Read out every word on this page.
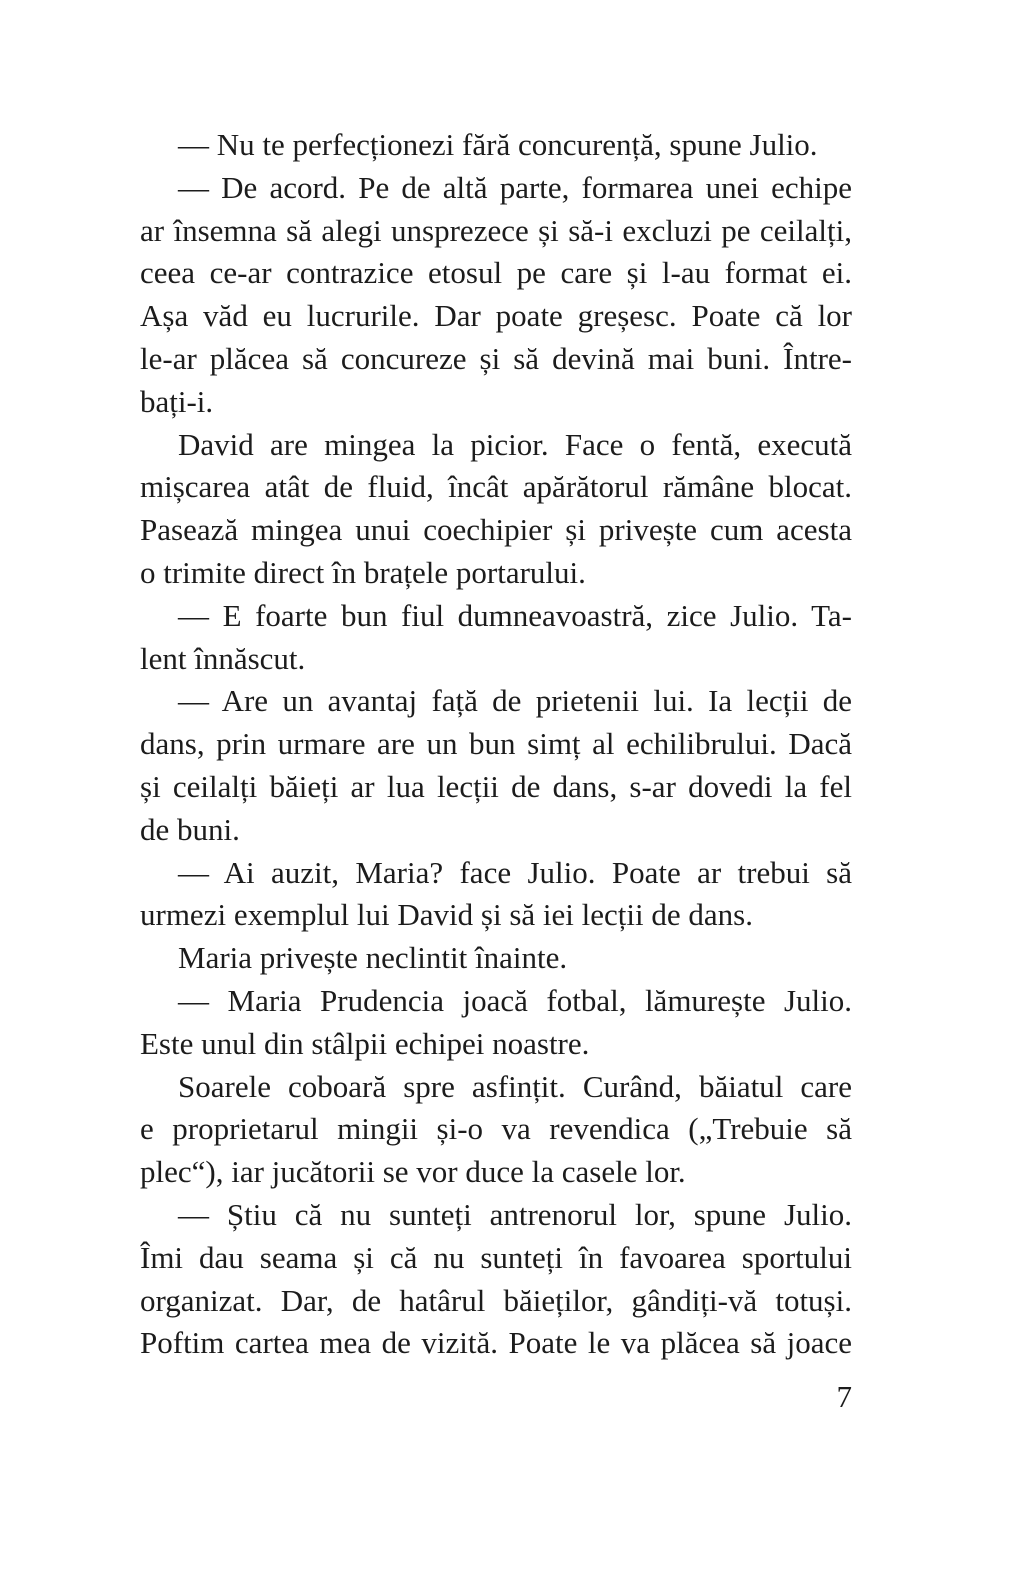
— Nu te perfecționezi fără concurență, spune Julio.
— De acord. Pe de altă parte, formarea unei echipe
ar însemna să alegi unsprezece și să-i excluzi pe ceilalți,
ceea ce-ar contrazice etosul pe care și l-au format ei.
Așa văd eu lucrurile. Dar poate greșesc. Poate că lor
le-ar plăcea să concureze și să devină mai buni. Între-
bați-i.
David are mingea la picior. Face o fentă, execută
mișcarea atât de fluid, încât apărătorul rămâne blocat.
Pasează mingea unui coechipier și privește cum acesta
o trimite direct în brațele portarului.
— E foarte bun fiul dumneavoastră, zice Julio. Ta-
lent înnăscut.
— Are un avantaj față de prietenii lui. Ia lecții de
dans, prin urmare are un bun simț al echilibrului. Dacă
și ceilalți băieți ar lua lecții de dans, s-ar dovedi la fel
de buni.
— Ai auzit, Maria? face Julio. Poate ar trebui să
urmezi exemplul lui David și să iei lecții de dans.
Maria privește neclintit înainte.
— Maria Prudencia joacă fotbal, lămurește Julio.
Este unul din stâlpii echipei noastre.
Soarele coboară spre asfințit. Curând, băiatul care
e proprietarul mingii și-o va revendica („Trebuie să
plec“), iar jucătorii se vor duce la casele lor.
— Știu că nu sunteți antrenorul lor, spune Julio.
Îmi dau seama și că nu sunteți în favoarea sportului
organizat. Dar, de hatârul băieților, gândiți-vă totuși.
Poftim cartea mea de vizită. Poate le va plăcea să joace
7
